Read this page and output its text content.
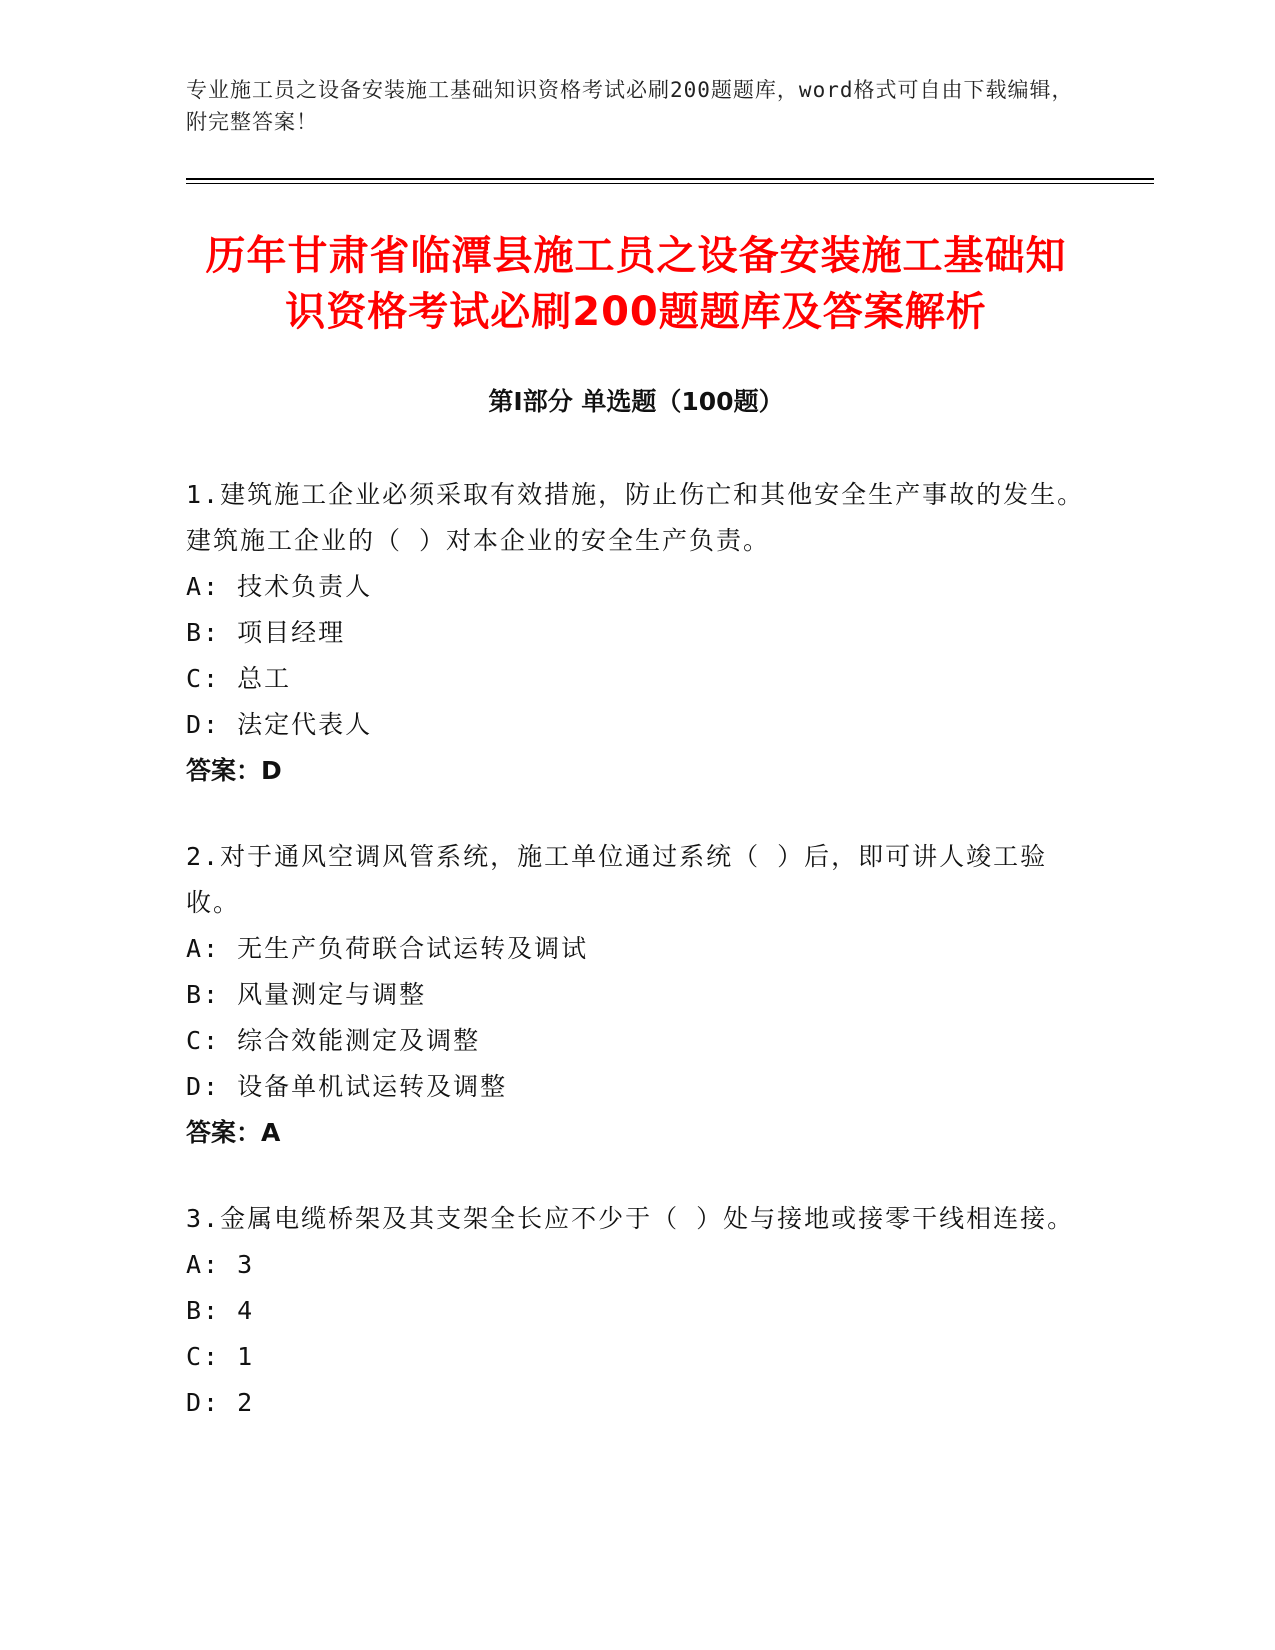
专业施工员之设备安装施工基础知识资格考试必刷200题题库，word格式可自由下载编辑，附完整答案！
历年甘肃省临潭县施工员之设备安装施工基础知识资格考试必刷200题题库及答案解析
第Ⅰ部分 单选题（100题）

1.建筑施工企业必须采取有效措施，防止伤亡和其他安全生产事故的发生。建筑施工企业的（ ）对本企业的安全生产负责。

A: 技术负责人

B: 项目经理

C: 总工

D: 法定代表人

答案：D

2.对于通风空调风管系统，施工单位通过系统（ ）后，即可讲人竣工验收。

A: 无生产负荷联合试运转及调试

B: 风量测定与调整

C: 综合效能测定及调整

D: 设备单机试运转及调整

答案：A

3.金属电缆桥架及其支架全长应不少于（ ）处与接地或接零干线相连接。

A: 3

B: 4

C: 1

D: 2
